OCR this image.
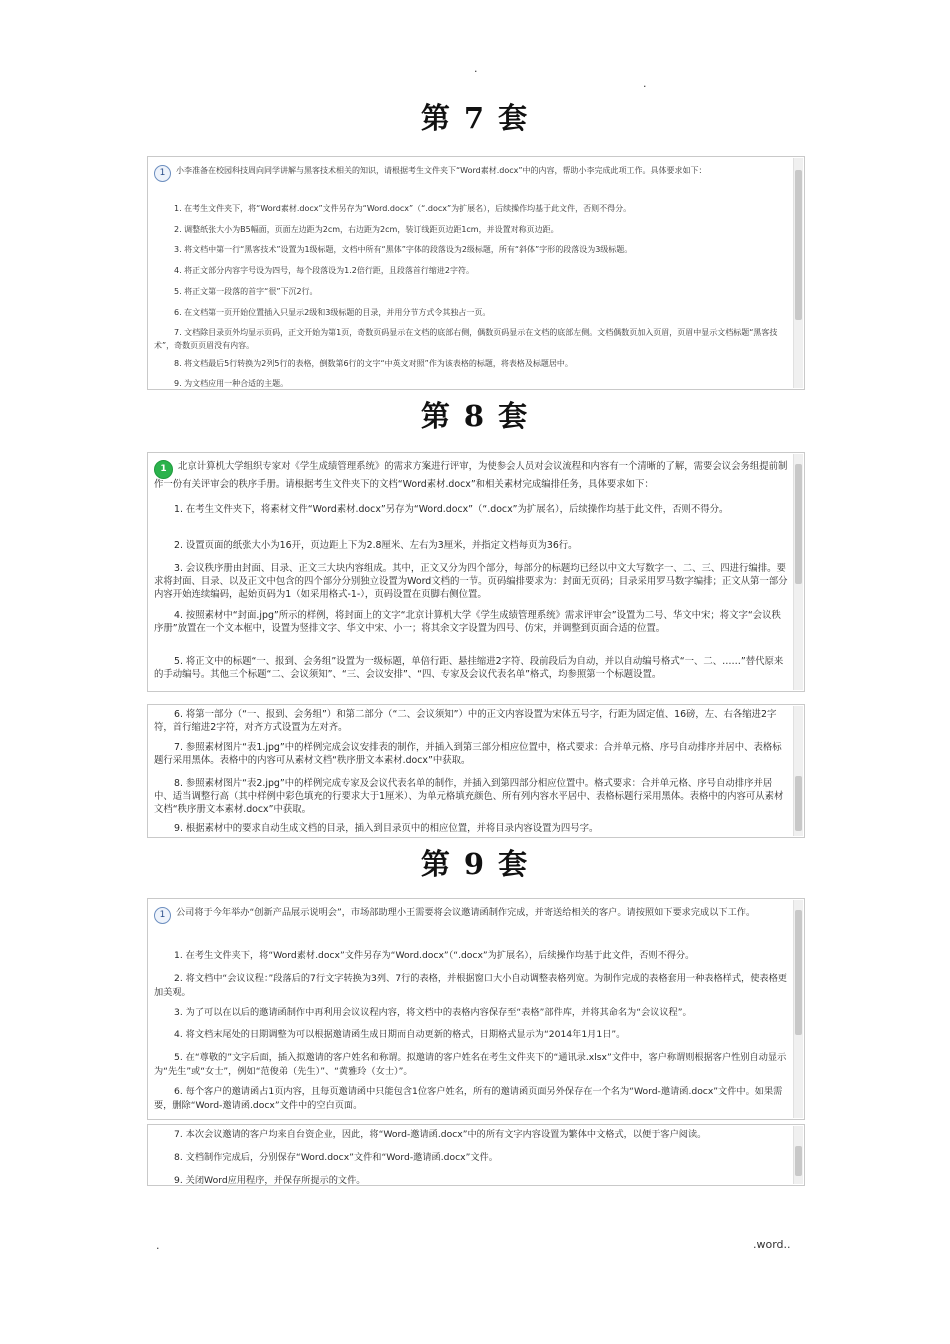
.
.
第 7 套
1 小李准备在校园科技周向同学讲解与黑客技术相关的知识，请根据考生文件夹下“Word素材.docx”中的内容，帮助小李完成此项工作。具体要求如下：
1. 在考生文件夹下，将“Word素材.docx”文件另存为“Word.docx”（“.docx”为扩展名），后续操作均基于此文件，否则不得分。
2. 调整纸张大小为B5幅面，页面左边距为2cm，右边距为2cm，装订线距页边距1cm，并设置对称页边距。
3. 将文档中第一行“黑客技术”设置为1级标题，文档中所有“黑体”字体的段落设为2级标题，所有“斜体”字形的段落设为3级标题。
4. 将正文部分内容字号设为四号，每个段落设为1.2倍行距，且段落首行缩进2字符。
5. 将正文第一段落的首字“很”下沉2行。
6. 在文档第一页开始位置插入只显示2级和3级标题的目录，并用分节方式令其独占一页。
7. 文档除目录页外均显示页码，正文开始为第1页，奇数页码显示在文档的底部右侧，偶数页码显示在文档的底部左侧。文档偶数页加入页眉，页眉中显示文档标题“黑客技术”，奇数页页眉没有内容。
8. 将文档最后5行转换为2列5行的表格，倒数第6行的文字“中英文对照”作为该表格的标题，将表格及标题居中。
9. 为文档应用一种合适的主题。
第 8 套
1 北京计算机大学组织专家对《学生成绩管理系统》的需求方案进行评审，为使参会人员对会议流程和内容有一个清晰的了解，需要会议会务组提前制作一份有关评审会的秩序手册。请根据考生文件夹下的文档“Word素材.docx”和相关素材完成编排任务，具体要求如下：
1. 在考生文件夹下，将素材文件“Word素材.docx”另存为“Word.docx”（“.docx”为扩展名），后续操作均基于此文件，否则不得分。
2. 设置页面的纸张大小为16开，页边距上下为2.8厘米、左右为3厘米，并指定文档每页为36行。
3. 会议秩序册由封面、目录、正文三大块内容组成。其中，正文又分为四个部分，每部分的标题均已经以中文大写数字一、二、三、四进行编排。要求将封面、目录、以及正文中包含的四个部分分别独立设置为Word文档的一节。页码编排要求为：封面无页码；目录采用罗马数字编排；正文从第一部分内容开始连续编码，起始页码为1（如采用格式-1-），页码设置在页脚右侧位置。
4. 按照素材中“封面.jpg”所示的样例，将封面上的文字“北京计算机大学《学生成绩管理系统》需求评审会”设置为二号、华文中宋；将文字“会议秩序册”放置在一个文本框中，设置为竖排文字、华文中宋、小一；将其余文字设置为四号、仿宋，并调整到页面合适的位置。
5. 将正文中的标题“一、报到、会务组”设置为一级标题，单倍行距、悬挂缩进2字符、段前段后为自动，并以自动编号格式“一、二、……”替代原来的手动编号。其他三个标题“二、会议须知”、“三、会议安排”、“四、专家及会议代表名单”格式，均参照第一个标题设置。
6. 将第一部分（“一、报到、会务组”）和第二部分（“二、会议须知”）中的正文内容设置为宋体五号字，行距为固定值、16磅，左、右各缩进2字符，首行缩进2字符，对齐方式设置为左对齐。
7. 参照素材图片“表1.jpg”中的样例完成会议安排表的制作，并插入到第三部分相应位置中，格式要求：合并单元格、序号自动排序并居中、表格标题行采用黑体。表格中的内容可从素材文档“秩序册文本素材.docx”中获取。
8. 参照素材图片“表2.jpg”中的样例完成专家及会议代表名单的制作，并插入到第四部分相应位置中。格式要求：合并单元格、序号自动排序并居中、适当调整行高（其中样例中彩色填充的行要求大于1厘米）、为单元格填充颜色、所有列内容水平居中、表格标题行采用黑体。表格中的内容可从素材文档“秩序册文本素材.docx”中获取。
9. 根据素材中的要求自动生成文档的目录，插入到目录页中的相应位置，并将目录内容设置为四号字。
第 9 套
1 公司将于今年举办“创新产品展示说明会”，市场部助理小王需要将会议邀请函制作完成，并寄送给相关的客户。请按照如下要求完成以下工作。
1. 在考生文件夹下，将“Word素材.docx”文件另存为“Word.docx”（“.docx”为扩展名），后续操作均基于此文件，否则不得分。
2. 将文档中“会议议程：”段落后的7行文字转换为3列、7行的表格，并根据窗口大小自动调整表格列宽。为制作完成的表格套用一种表格样式，使表格更加美观。
3. 为了可以在以后的邀请函制作中再利用会议议程内容，将文档中的表格内容保存至“表格”部件库，并将其命名为“会议议程”。
4. 将文档末尾处的日期调整为可以根据邀请函生成日期而自动更新的格式，日期格式显示为“2014年1月1日”。
5. 在“尊敬的”文字后面，插入拟邀请的客户姓名和称谓。拟邀请的客户姓名在考生文件夹下的“通讯录.xlsx”文件中，客户称谓则根据客户性别自动显示为“先生”或“女士”，例如“范俊弟（先生）”、“黄雅玲（女士）”。
6. 每个客户的邀请函占1页内容，且每页邀请函中只能包含1位客户姓名，所有的邀请函页面另外保存在一个名为“Word-邀请函.docx”文件中。如果需要，删除“Word-邀请函.docx”文件中的空白页面。
7. 本次会议邀请的客户均来自台资企业，因此，将“Word-邀请函.docx”中的所有文字内容设置为繁体中文格式，以便于客户阅读。
8. 文档制作完成后，分别保存“Word.docx”文件和“Word-邀请函.docx”文件。
9. 关闭Word应用程序，并保存所提示的文件。
.	.word..
